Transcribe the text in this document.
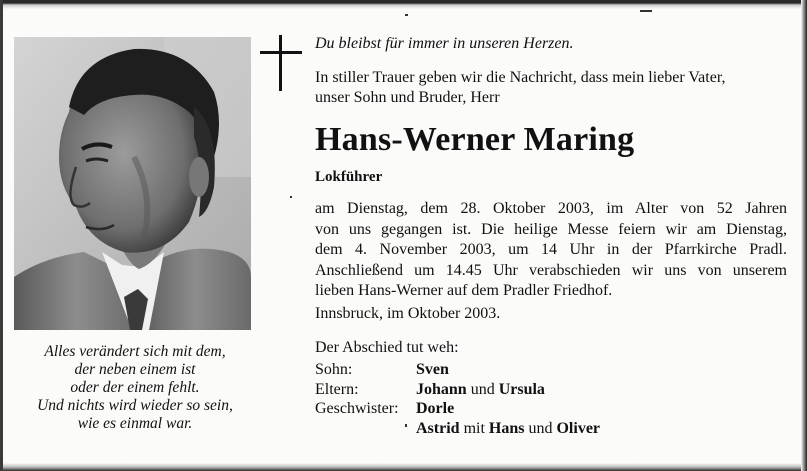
Alles verändert sich mit dem,
der neben einem ist
oder der einem fehlt.
Und nichts wird wieder so sein,
wie es einmal war.
Du bleibst für immer in unseren Herzen.
In stiller Trauer geben wir die Nachricht, dass mein lieber Vater,
unser Sohn und Bruder, Herr
Hans-Werner Maring
Lokführer
am Dienstag, dem 28. Oktober 2003, im Alter von 52 Jahren
von uns gegangen ist. Die heilige Messe feiern wir am Dienstag,
dem 4. November 2003, um 14 Uhr in der Pfarrkirche Pradl.
Anschließend um 14.45 Uhr verabschieden wir uns von unserem
lieben Hans-Werner auf dem Pradler Friedhof.
Innsbruck, im Oktober 2003.
Der Abschied tut weh:
Sohn:	Sven
Eltern:	Johann und Ursula
Geschwister: Dorle
Astrid mit Hans und Oliver
